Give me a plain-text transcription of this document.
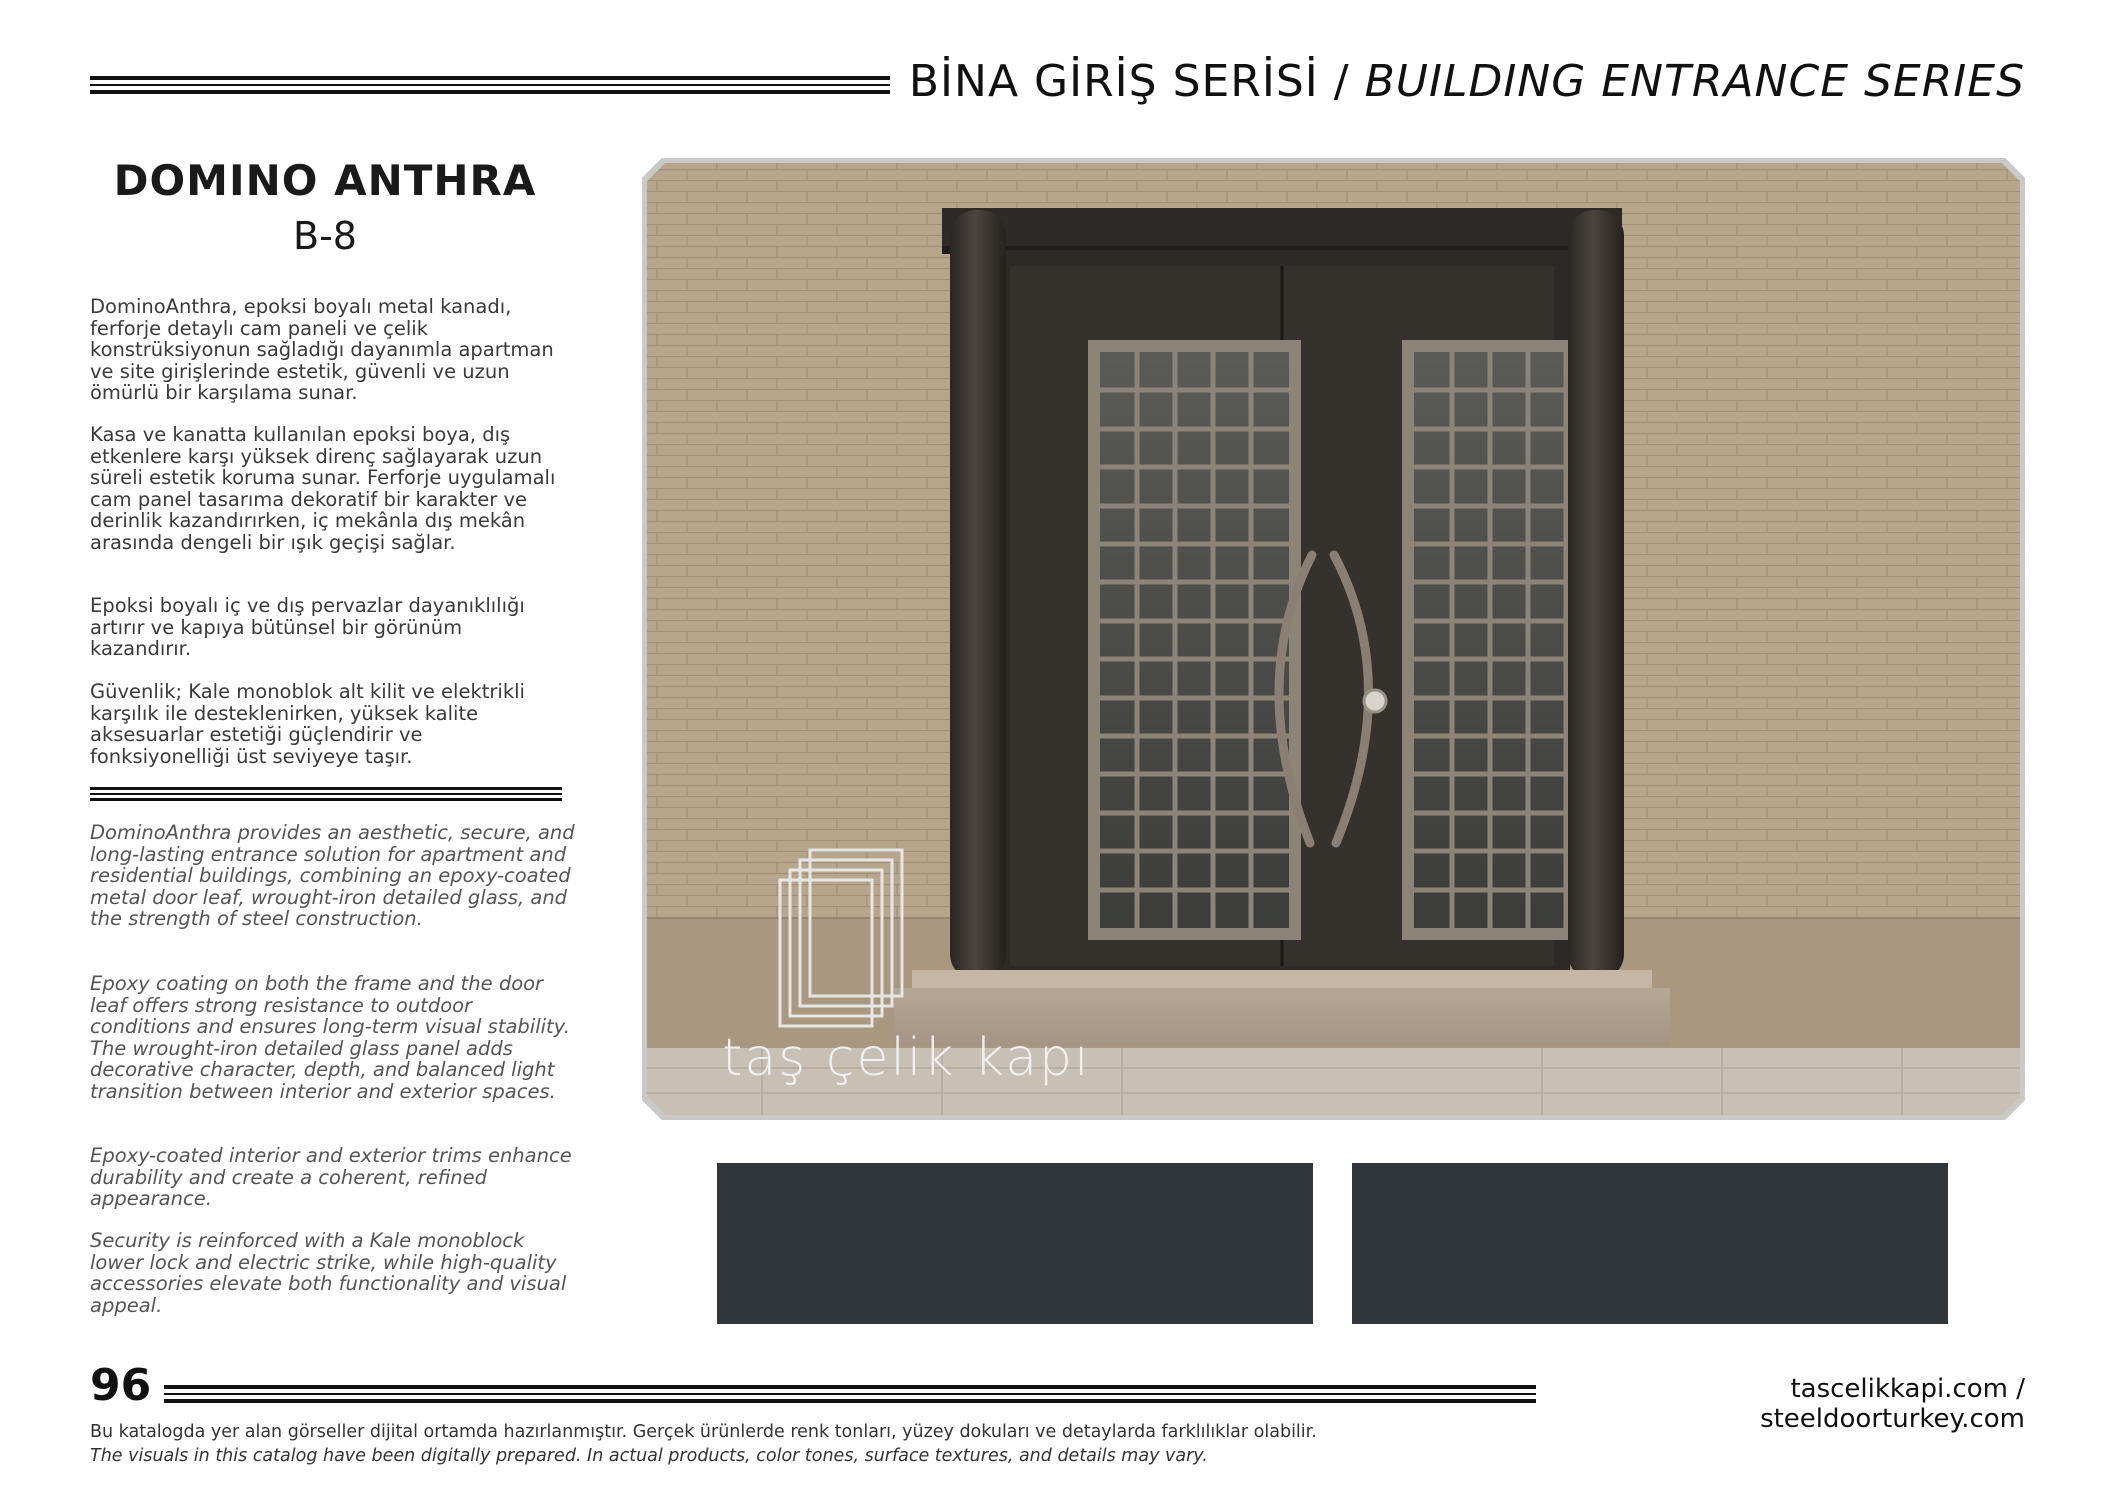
BİNA GİRİŞ SERİSİ / BUILDING ENTRANCE SERIES
DOMINO ANTHRA
B-8

DominoAnthra, epoksi boyalı metal kanadı, ferforje detaylı cam paneli ve çelik konstrüksiyonun sağladığı dayanımla apartman ve site girişlerinde estetik, güvenli ve uzun ömürlü bir karşılama sunar.

Kasa ve kanatta kullanılan epoksi boya, dış etkenlere karşı yüksek direnç sağlayarak uzun süreli estetik koruma sunar. Ferforje uygulamalı cam panel tasarıma dekoratif bir karakter ve derinlik kazandırırken, iç mekânla dış mekân arasında dengeli bir ışık geçişi sağlar.

Epoksi boyalı iç ve dış pervazlar dayanıklılığı artırır ve kapıya bütünsel bir görünüm kazandırır.

Güvenlik; Kale monoblok alt kilit ve elektrikli karşılık ile desteklenirken, yüksek kalite aksesuarlar estetiği güçlendirir ve fonksiyonelliği üst seviyeye taşır.

DominoAnthra provides an aesthetic, secure, and long-lasting entrance solution for apartment and residential buildings, combining an epoxy-coated metal door leaf, wrought-iron detailed glass, and the strength of steel construction.

Epoxy coating on both the frame and the door leaf offers strong resistance to outdoor conditions and ensures long-term visual stability. The wrought-iron detailed glass panel adds decorative character, depth, and balanced light transition between interior and exterior spaces.

Epoxy-coated interior and exterior trims enhance durability and create a coherent, refined appearance.

Security is reinforced with a Kale monoblock lower lock and electric strike, while high-quality accessories elevate both functionality and visual appeal.

taş çelik kapı
96	tascelikkapi.com / steeldoorturkey.com
Bu katalogda yer alan görseller dijital ortamda hazırlanmıştır. Gerçek ürünlerde renk tonları, yüzey dokuları ve detaylarda farklılıklar olabilir.
The visuals in this catalog have been digitally prepared. In actual products, color tones, surface textures, and details may vary.
